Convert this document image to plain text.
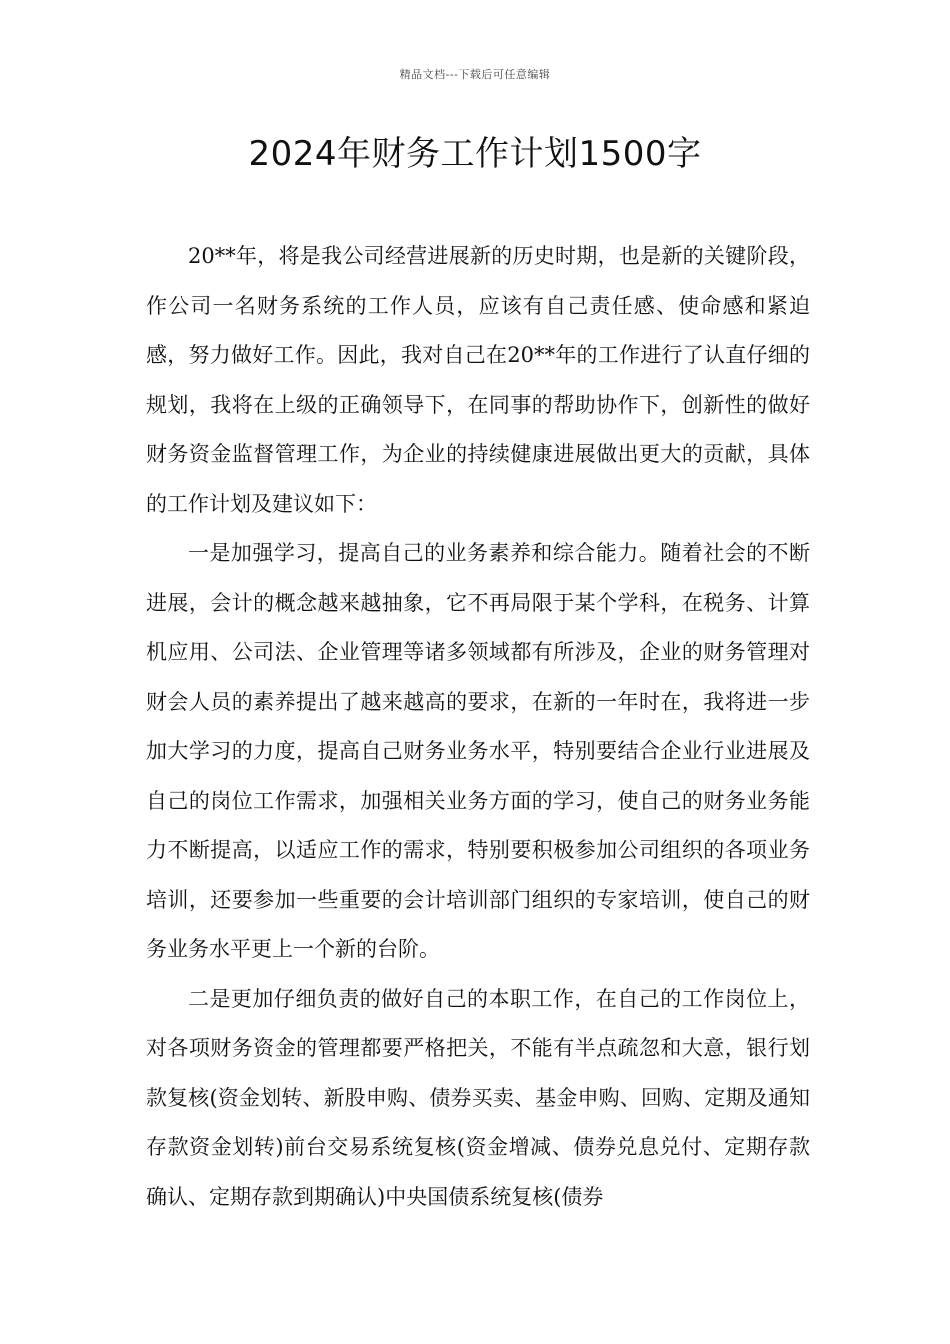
精品文档---下载后可任意编辑
2024年财务工作计划1500字

20**年，将是我公司经营进展新的历史时期，也是新的关键阶段，作公司一名财务系统的工作人员，应该有自己责任感、使命感和紧迫感，努力做好工作。因此，我对自己在20**年的工作进行了认直仔细的规划，我将在上级的正确领导下，在同事的帮助协作下，创新性的做好财务资金监督管理工作，为企业的持续健康进展做出更大的贡献，具体的工作计划及建议如下：

一是加强学习，提高自己的业务素养和综合能力。随着社会的不断进展，会计的概念越来越抽象，它不再局限于某个学科，在税务、计算机应用、公司法、企业管理等诸多领域都有所涉及，企业的财务管理对财会人员的素养提出了越来越高的要求，在新的一年时在，我将进一步加大学习的力度，提高自己财务业务水平，特别要结合企业行业进展及自己的岗位工作需求，加强相关业务方面的学习，使自己的财务业务能力不断提高，以适应工作的需求，特别要积极参加公司组织的各项业务培训，还要参加一些重要的会计培训部门组织的专家培训，使自己的财务业务水平更上一个新的台阶。

二是更加仔细负责的做好自己的本职工作，在自己的工作岗位上，对各项财务资金的管理都要严格把关，不能有半点疏忽和大意，银行划款复核(资金划转、新股申购、债券买卖、基金申购、回购、定期及通知存款资金划转)前台交易系统复核(资金增减、债券兑息兑付、定期存款确认、定期存款到期确认)中央国债系统复核(债券
